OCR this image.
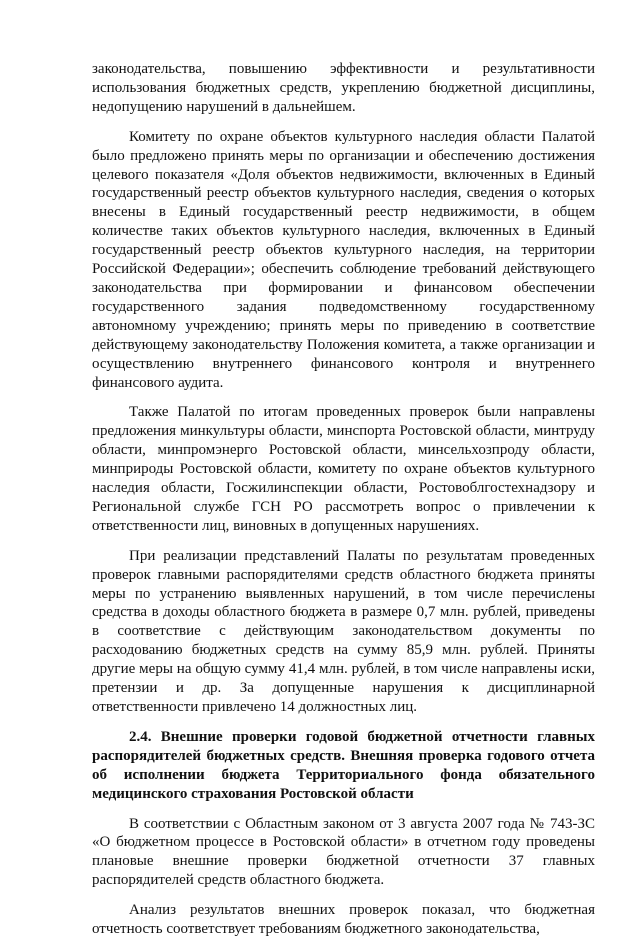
законодательства, повышению эффективности и результативности использования бюджетных средств, укреплению бюджетной дисциплины, недопущению нарушений в дальнейшем.

Комитету по охране объектов культурного наследия области Палатой было предложено принять меры по организации и обеспечению достижения целевого показателя «Доля объектов недвижимости, включенных в Единый государственный реестр объектов культурного наследия, сведения о которых внесены в Единый государственный реестр недвижимости, в общем количестве таких объектов культурного наследия, включенных в Единый государственный реестр объектов культурного наследия, на территории Российской Федерации»; обеспечить соблюдение требований действующего законодательства при формировании и финансовом обеспечении государственного задания подведомственному государственному автономному учреждению; принять меры по приведению в соответствие действующему законодательству Положения комитета, а также организации и осуществлению внутреннего финансового контроля и внутреннего финансового аудита.

Также Палатой по итогам проведенных проверок были направлены предложения минкультуры области, минспорта Ростовской области, минтруду области, минпромэнерго Ростовской области, минсельхозпроду области, минприроды Ростовской области, комитету по охране объектов культурного наследия области, Госжилинспекции области, Ростовоблгостехнадзору и Региональной службе ГСН РО рассмотреть вопрос о привлечении к ответственности лиц, виновных в допущенных нарушениях.

При реализации представлений Палаты по результатам проведенных проверок главными распорядителями средств областного бюджета приняты меры по устранению выявленных нарушений, в том числе перечислены средства в доходы областного бюджета в размере 0,7 млн. рублей, приведены в соответствие с действующим законодательством документы по расходованию бюджетных средств на сумму 85,9 млн. рублей. Приняты другие меры на общую сумму 41,4 млн. рублей, в том числе направлены иски, претензии и др. За допущенные нарушения к дисциплинарной ответственности привлечено 14 должностных лиц.

2.4. Внешние проверки годовой бюджетной отчетности главных распорядителей бюджетных средств. Внешняя проверка годового отчета об исполнении бюджета Территориального фонда обязательного медицинского страхования Ростовской области

В соответствии с Областным законом от 3 августа 2007 года № 743-ЗС «О бюджетном процессе в Ростовской области» в отчетном году проведены плановые внешние проверки бюджетной отчетности 37 главных распорядителей средств областного бюджета.

Анализ результатов внешних проверок показал, что бюджетная отчетность соответствует требованиям бюджетного законодательства,
